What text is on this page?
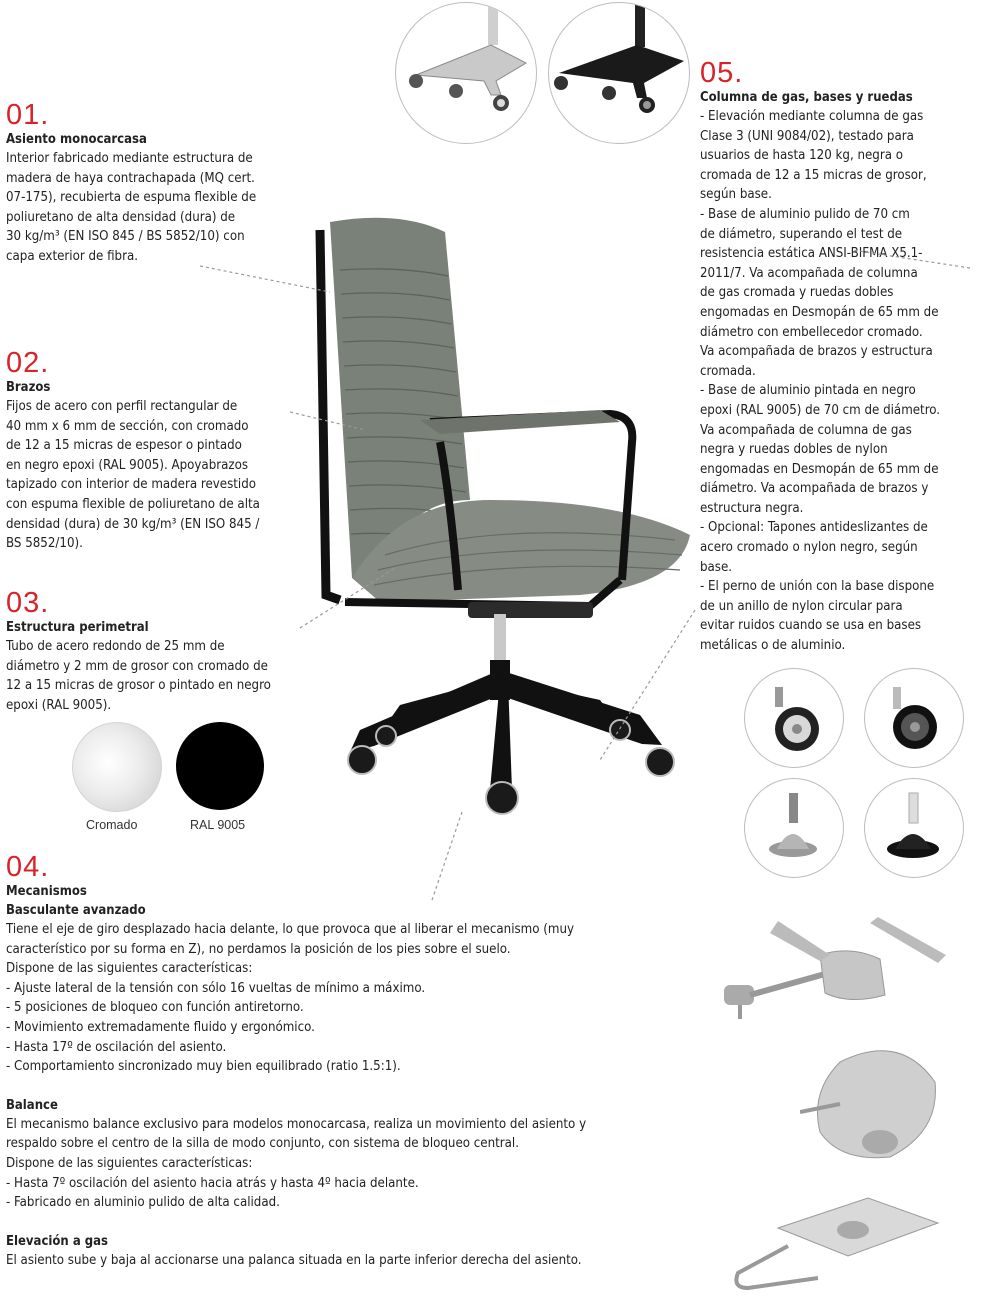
01.
Asiento monocarcasa
Interior fabricado mediante estructura de
madera de haya contrachapada (MQ cert.
07-175), recubierta de espuma flexible de
poliuretano de alta densidad (dura) de
30 kg/m³ (EN ISO 845 / BS 5852/10) con
capa exterior de fibra.
02.
Brazos
Fijos de acero con perfil rectangular de
40 mm x 6 mm de sección, con cromado
de 12 a 15 micras de espesor o pintado
en negro epoxi (RAL 9005). Apoyabrazos
tapizado con interior de madera revestido
con espuma flexible de poliuretano de alta
densidad (dura) de 30 kg/m³ (EN ISO 845 /
BS 5852/10).
03.
Estructura perimetral
Tubo de acero redondo de 25 mm de
diámetro y 2 mm de grosor con cromado de
12 a 15 micras de grosor o pintado en negro
epoxi (RAL 9005).
Cromado	RAL 9005
04.
Mecanismos
Basculante avanzado
Tiene el eje de giro desplazado hacia delante, lo que provoca que al liberar el mecanismo (muy
característico por su forma en Z), no perdamos la posición de los pies sobre el suelo.
Dispone de las siguientes características:
- Ajuste lateral de la tensión con sólo 16 vueltas de mínimo a máximo.
- 5 posiciones de bloqueo con función antiretorno.
- Movimiento extremadamente fluido y ergonómico.
- Hasta 17º de oscilación del asiento.
- Comportamiento sincronizado muy bien equilibrado (ratio 1.5:1).
Balance
El mecanismo balance exclusivo para modelos monocarcasa, realiza un movimiento del asiento y
respaldo sobre el centro de la silla de modo conjunto, con sistema de bloqueo central.
Dispone de las siguientes características:
- Hasta 7º oscilación del asiento hacia atrás y hasta 4º hacia delante.
- Fabricado en aluminio pulido de alta calidad.
Elevación a gas
El asiento sube y baja al accionarse una palanca situada en la parte inferior derecha del asiento.
05.
Columna de gas, bases y ruedas
- Elevación mediante columna de gas
Clase 3 (UNI 9084/02), testado para
usuarios de hasta 120 kg, negra o
cromada de 12 a 15 micras de grosor,
según base.
- Base de aluminio pulido de 70 cm
de diámetro, superando el test de
resistencia estática ANSI-BIFMA X5.1-
2011/7. Va acompañada de columna
de gas cromada y ruedas dobles
engomadas en Desmopán de 65 mm de
diámetro con embellecedor cromado.
Va acompañada de brazos y estructura
cromada.
- Base de aluminio pintada en negro
epoxi (RAL 9005) de 70 cm de diámetro.
Va acompañada de columna de gas
negra y ruedas dobles de nylon
engomadas en Desmopán de 65 mm de
diámetro. Va acompañada de brazos y
estructura negra.
- Opcional: Tapones antideslizantes de
acero cromado o nylon negro, según
base.
- El perno de unión con la base dispone
de un anillo de nylon circular para
evitar ruidos cuando se usa en bases
metálicas o de aluminio.
